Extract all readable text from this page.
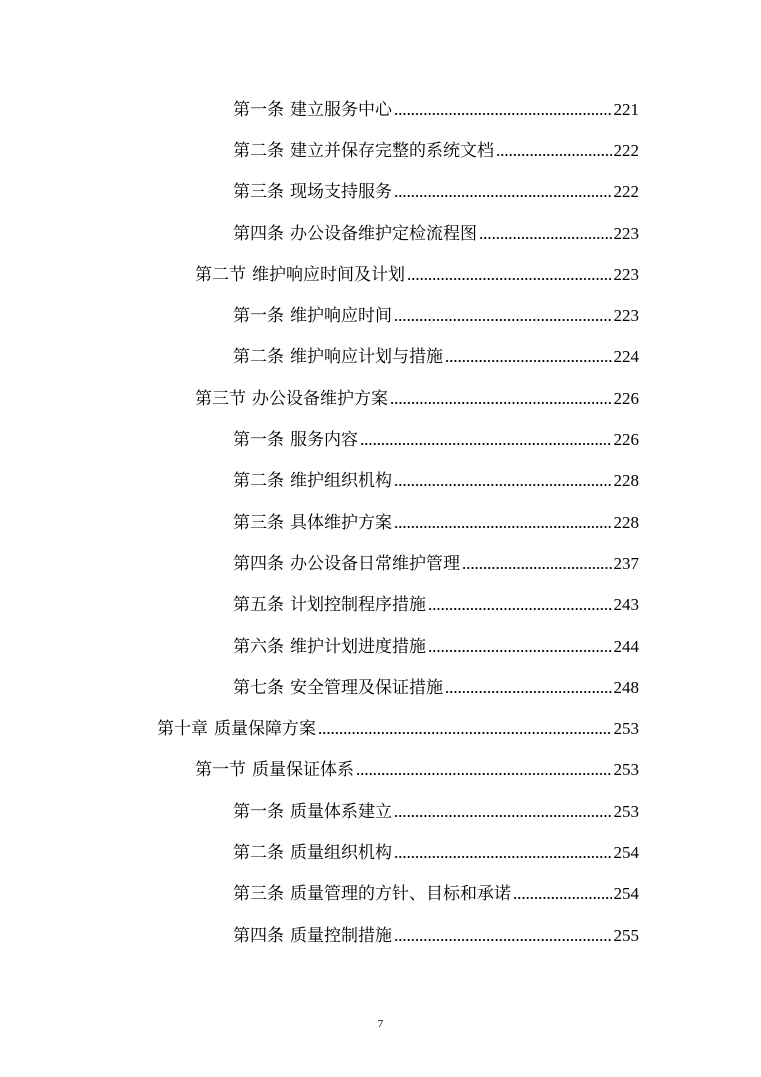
第一条 建立服务中心	221
第二条 建立并保存完整的系统文档	222
第三条 现场支持服务	222
第四条 办公设备维护定检流程图	223
第二节 维护响应时间及计划	223
第一条 维护响应时间	223
第二条 维护响应计划与措施	224
第三节 办公设备维护方案	226
第一条 服务内容	226
第二条 维护组织机构	228
第三条 具体维护方案	228
第四条 办公设备日常维护管理	237
第五条 计划控制程序措施	243
第六条 维护计划进度措施	244
第七条 安全管理及保证措施	248
第十章 质量保障方案	253
第一节 质量保证体系	253
第一条 质量体系建立	253
第二条 质量组织机构	254
第三条 质量管理的方针、目标和承诺	254
第四条 质量控制措施	255
7
